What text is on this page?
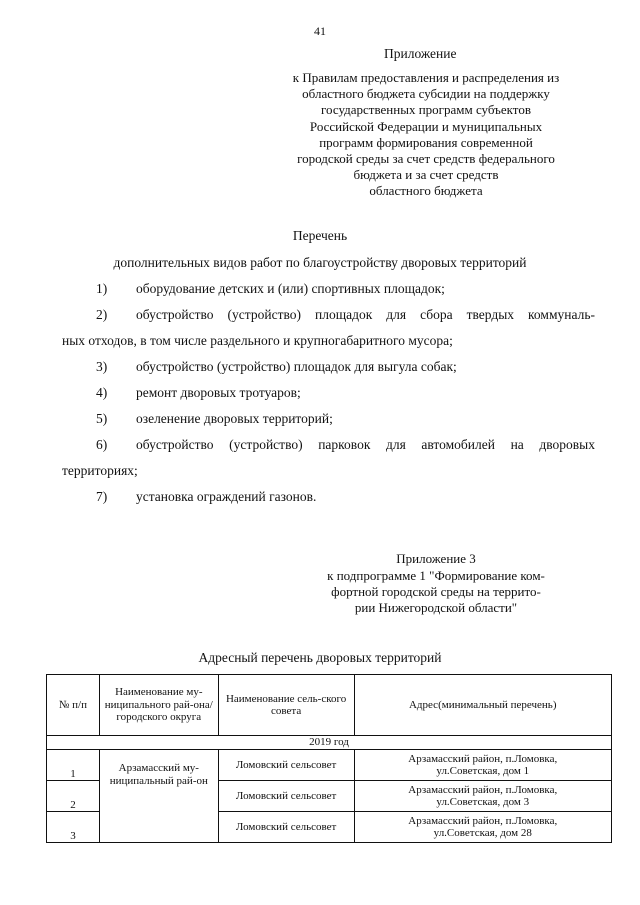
41
Приложение
к Правилам предоставления и распределения из
областного бюджета субсидии на поддержку
государственных программ субъектов
Российской Федерации и муниципальных
программ формирования современной
городской среды за счет средств федерального
бюджета и за счет средств
областного бюджета
Перечень
дополнительных видов работ по благоустройству дворовых территорий
1)	оборудование детских и (или) спортивных площадок;
2)	обустройство (устройство) площадок для сбора твердых коммуналь-
ных отходов, в том числе раздельного и крупногабаритного мусора;
3)	обустройство (устройство) площадок для выгула собак;
4)	ремонт дворовых тротуаров;
5)	озеленение дворовых территорий;
6)	обустройство (устройство) парковок для автомобилей на дворовых
территориях;
7)	установка ограждений газонов.
Приложение 3
к подпрограмме 1 "Формирование ком-
фортной городской среды на террито-
рии Нижегородской области"
Адресный перечень дворовых территорий
№ п/п	Наименование му-ниципального рай-она/ городского округа	Наименование сель-ского совета	Адрес(минимальный перечень)
2019 год			
1	Арзамасский му-ниципальный рай-он	Ломовский сельсовет	Арзамасский район, п.Ломовка,
ул.Советская, дом 1

2		Ломовский сельсовет	Арзамасский район, п.Ломовка,
ул.Советская, дом 3

3		Ломовский сельсовет	Арзамасский район, п.Ломовка,
ул.Советская, дом 28
